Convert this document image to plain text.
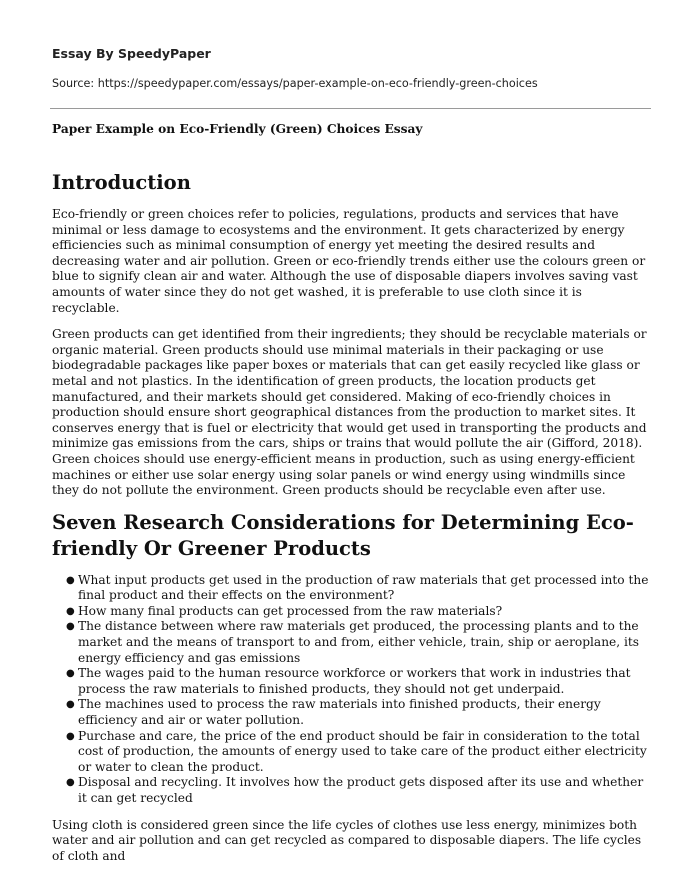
Essay By SpeedyPaper
Source: https://speedypaper.com/essays/paper-example-on-eco-friendly-green-choices
Paper Example on Eco-Friendly (Green) Choices Essay
Introduction

Eco-friendly or green choices refer to policies, regulations, products and services that have minimal or less damage to ecosystems and the environment. It gets characterized by energy efficiencies such as minimal consumption of energy yet meeting the desired results and decreasing water and air pollution. Green or eco-friendly trends either use the colours green or blue to signify clean air and water. Although the use of disposable diapers involves saving vast amounts of water since they do not get washed, it is preferable to use cloth since it is recyclable.

Green products can get identified from their ingredients; they should be recyclable materials or organic material. Green products should use minimal materials in their packaging or use biodegradable packages like paper boxes or materials that can get easily recycled like glass or metal and not plastics. In the identification of green products, the location products get manufactured, and their markets should get considered. Making of eco-friendly choices in production should ensure short geographical distances from the production to market sites. It conserves energy that is fuel or electricity that would get used in transporting the products and minimize gas emissions from the cars, ships or trains that would pollute the air (Gifford, 2018). Green choices should use energy-efficient means in production, such as using energy-efficient machines or either use solar energy using solar panels or wind energy using windmills since they do not pollute the environment. Green products should be recyclable even after use.

Seven Research Considerations for Determining Eco-friendly Or Greener Products
● What input products get used in the production of raw materials that get processed into the final product and their effects on the environment?
● How many final products can get processed from the raw materials?
● The distance between where raw materials get produced, the processing plants and to the market and the means of transport to and from, either vehicle, train, ship or aeroplane, its energy efficiency and gas emissions
● The wages paid to the human resource workforce or workers that work in industries that process the raw materials to finished products, they should not get underpaid.
● The machines used to process the raw materials into finished products, their energy efficiency and air or water pollution.
● Purchase and care, the price of the end product should be fair in consideration to the total cost of production, the amounts of energy used to take care of the product either electricity or water to clean the product.
● Disposal and recycling. It involves how the product gets disposed after its use and whether it can get recycled

Using cloth is considered green since the life cycles of clothes use less energy, minimizes both water and air pollution and can get recycled as compared to disposable diapers. The life cycles of cloth and
